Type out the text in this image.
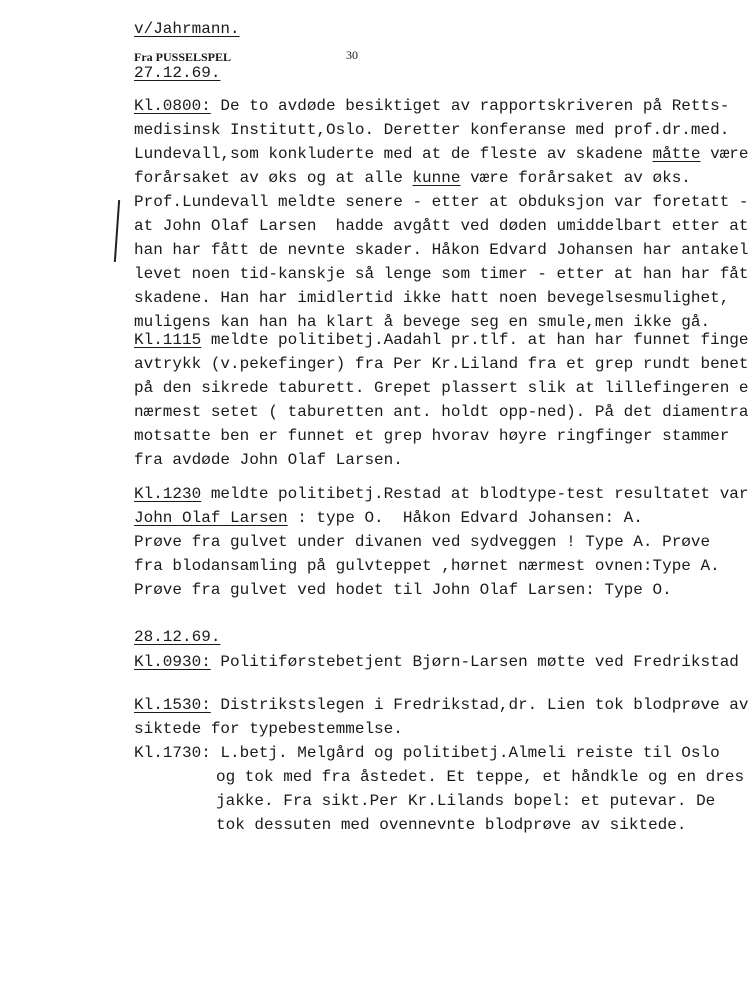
v/Jahrmann.
Fra PUSSELSPEL	30
27.12.69.
Kl.0800: De to avdøde besiktiget av rapportskriveren på Retts-
medisinsk Institutt,Oslo. Deretter konferanse med prof.dr.med.
Lundevall,som konkluderte med at de fleste av skadene måtte være
forårsaket av øks og at alle kunne være forårsaket av øks.
Prof.Lundevall meldte senere - etter at obduksjon var foretatt -
at John Olaf Larsen  hadde avgått ved døden umiddelbart etter at
han har fått de nevnte skader. Håkon Edvard Johansen har antakel
levet noen tid-kanskje så lenge som timer - etter at han har fåt
skadene. Han har imidlertid ikke hatt noen bevegelsesmulighet,
muligens kan han ha klart å bevege seg en smule,men ikke gå.
Kl.1115 meldte politibetj.Aadahl pr.tlf. at han har funnet finge
avtrykk (v.pekefinger) fra Per Kr.Liland fra et grep rundt benet
på den sikrede taburett. Grepet plassert slik at lillefingeren e
nærmest setet ( taburetten ant. holdt opp-ned). På det diamentra
motsatte ben er funnet et grep hvorav høyre ringfinger stammer
fra avdøde John Olaf Larsen.
Kl.1230 meldte politibetj.Restad at blodtype-test resultatet var
John Olaf Larsen : type O.  Håkon Edvard Johansen: A.
Prøve fra gulvet under divanen ved sydveggen ! Type A. Prøve
fra blodansamling på gulvteppet ,hørnet nærmest ovnen:Type A.
Prøve fra gulvet ved hodet til John Olaf Larsen: Type O.
28.12.69.
Kl.0930: Politiførstebetjent Bjørn-Larsen møtte ved Fredrikstad
Kl.1530: Distrikstslegen i Fredrikstad,dr. Lien tok blodprøve av
siktede for typebestemmelse.
Kl.1730: L.betj. Melgård og politibetj.Almeli reiste til Oslo
og tok med fra åstedet. Et teppe, et håndkle og en dres
jakke. Fra sikt.Per Kr.Lilands bopel: et putevar. De
tok dessuten med ovennevnte blodprøve av siktede.
